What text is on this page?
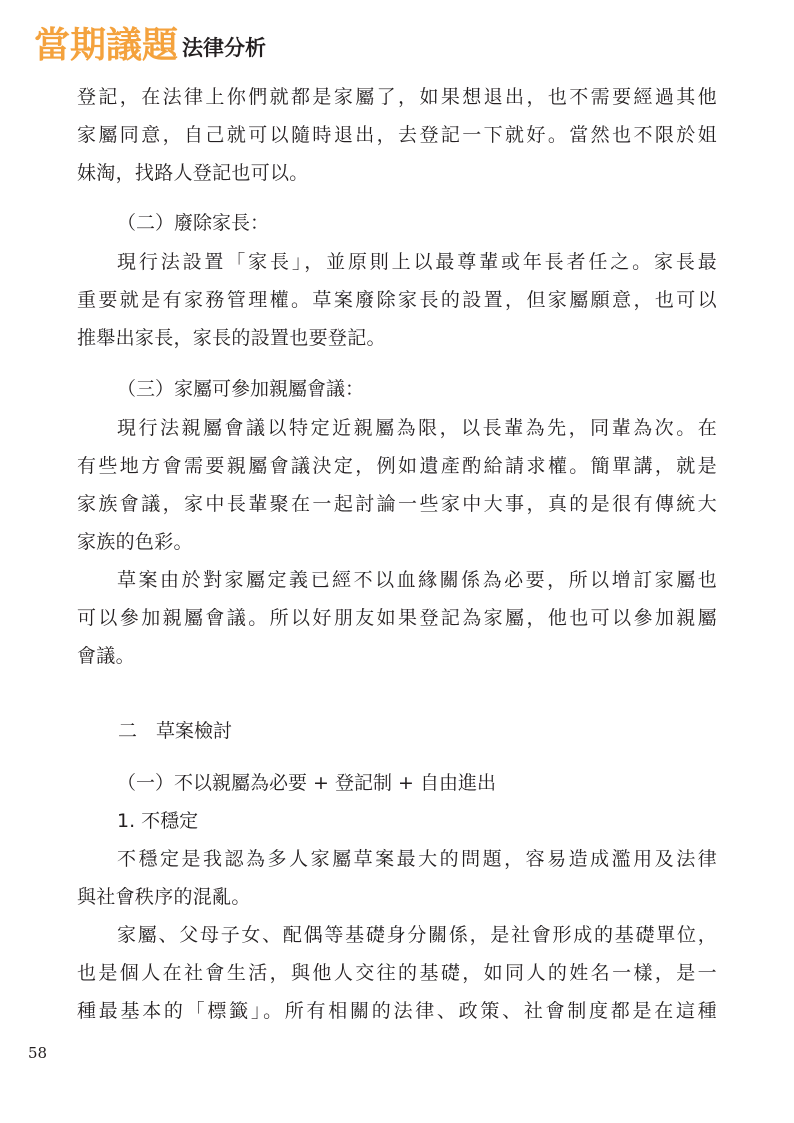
當期議題 法律分析
登記，在法律上你們就都是家屬了，如果想退出，也不需要經過其他
家屬同意，自己就可以隨時退出，去登記一下就好。當然也不限於姐
妹淘，找路人登記也可以。
（二）廢除家長：
現行法設置「家長」，並原則上以最尊輩或年長者任之。家長最
重要就是有家務管理權。草案廢除家長的設置，但家屬願意，也可以
推舉出家長，家長的設置也要登記。
（三）家屬可參加親屬會議：
現行法親屬會議以特定近親屬為限，以長輩為先，同輩為次。在
有些地方會需要親屬會議決定，例如遺產酌給請求權。簡單講，就是
家族會議，家中長輩聚在一起討論一些家中大事，真的是很有傳統大
家族的色彩。
草案由於對家屬定義已經不以血緣關係為必要，所以增訂家屬也
可以參加親屬會議。所以好朋友如果登記為家屬，他也可以參加親屬
會議。
二　草案檢討
（一）不以親屬為必要 + 登記制 + 自由進出
1. 不穩定
不穩定是我認為多人家屬草案最大的問題，容易造成濫用及法律
與社會秩序的混亂。
家屬、父母子女、配偶等基礎身分關係，是社會形成的基礎單位，
也是個人在社會生活，與他人交往的基礎，如同人的姓名一樣，是一
種最基本的「標籤」。所有相關的法律、政策、社會制度都是在這種
58
